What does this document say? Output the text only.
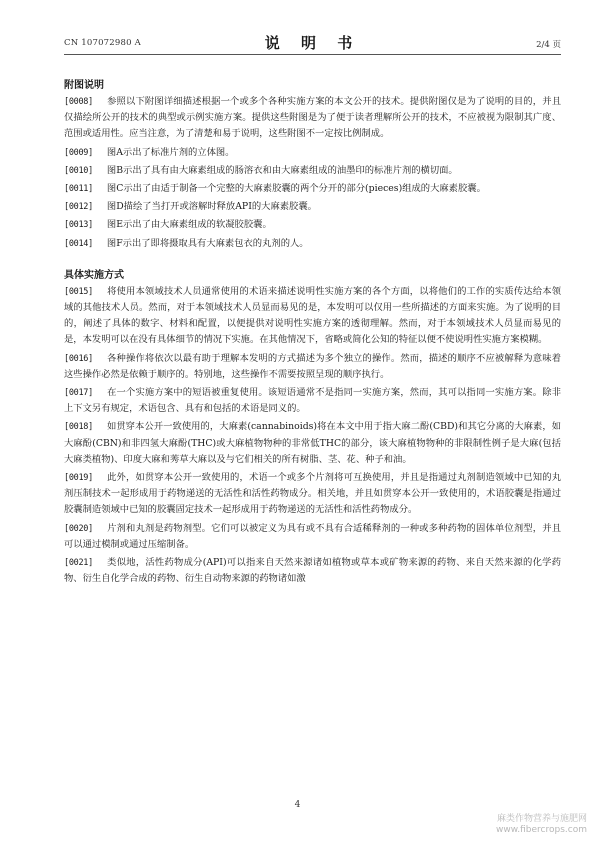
CN 107072980 A	说 明 书	2/4 页
附图说明
[0008] 参照以下附图详细描述根据一个或多个各种实施方案的本文公开的技术。提供附图仅是为了说明的目的，并且仅描绘所公开的技术的典型或示例实施方案。提供这些附图是为了便于读者理解所公开的技术，不应被视为限制其广度、范围或适用性。应当注意，为了清楚和易于说明，这些附图不一定按比例制成。
[0009] 图A示出了标准片剂的立体图。
[0010] 图B示出了具有由大麻素组成的肠溶衣和由大麻素组成的油墨印的标准片剂的横切面。
[0011] 图C示出了由适于制备一个完整的大麻素胶囊的两个分开的部分(pieces)组成的大麻素胶囊。
[0012] 图D描绘了当打开或溶解时释放API的大麻素胶囊。
[0013] 图E示出了由大麻素组成的软凝胶胶囊。
[0014] 图F示出了即将摄取具有大麻素包衣的丸剂的人。
具体实施方式
[0015] 将使用本领域技术人员通常使用的术语来描述说明性实施方案的各个方面，以将他们的工作的实质传达给本领域的其他技术人员。然而，对于本领域技术人员显而易见的是，本发明可以仅用一些所描述的方面来实施。为了说明的目的，阐述了具体的数字、材料和配置，以便提供对说明性实施方案的透彻理解。然而，对于本领域技术人员显而易见的是，本发明可以在没有具体细节的情况下实施。在其他情况下，省略或简化公知的特征以便不使说明性实施方案模糊。
[0016] 各种操作将依次以最有助于理解本发明的方式描述为多个独立的操作。然而，描述的顺序不应被解释为意味着这些操作必然是依赖于顺序的。特别地，这些操作不需要按照呈现的顺序执行。
[0017] 在一个实施方案中的短语被重复使用。该短语通常不是指同一实施方案，然而，其可以指同一实施方案。除非上下文另有规定，术语包含、具有和包括的术语是同义的。
[0018] 如贯穿本公开一致使用的，大麻素(cannabinoids)将在本文中用于指大麻二酚(CBD)和其它分离的大麻素，如大麻酚(CBN)和非四氢大麻酚(THC)或大麻植物物种的非常低THC的部分，该大麻植物物种的非限制性例子是大麻(包括大麻类植物)、印度大麻和莠草大麻以及与它们相关的所有树脂、茎、花、种子和油。
[0019] 此外，如贯穿本公开一致使用的，术语一个或多个片剂将可互换使用，并且是指通过丸剂制造领域中已知的丸剂压制技术一起形成用于药物递送的无活性和活性药物成分。相关地，并且如贯穿本公开一致使用的，术语胶囊是指通过胶囊制造领域中已知的胶囊固定技术一起形成用于药物递送的无活性和活性药物成分。
[0020] 片剂和丸剂是药物剂型。它们可以被定义为具有或不具有合适稀释剂的一种或多种药物的固体单位剂型，并且可以通过模制或通过压缩制备。
[0021] 类似地，活性药物成分(API)可以指来自天然来源诸如植物或草本或矿物来源的药物、来自天然来源的化学药物、衍生自化学合成的药物、衍生自动物来源的药物诸如激
4
麻类作物营养与施肥网
www.fibercrops.com
